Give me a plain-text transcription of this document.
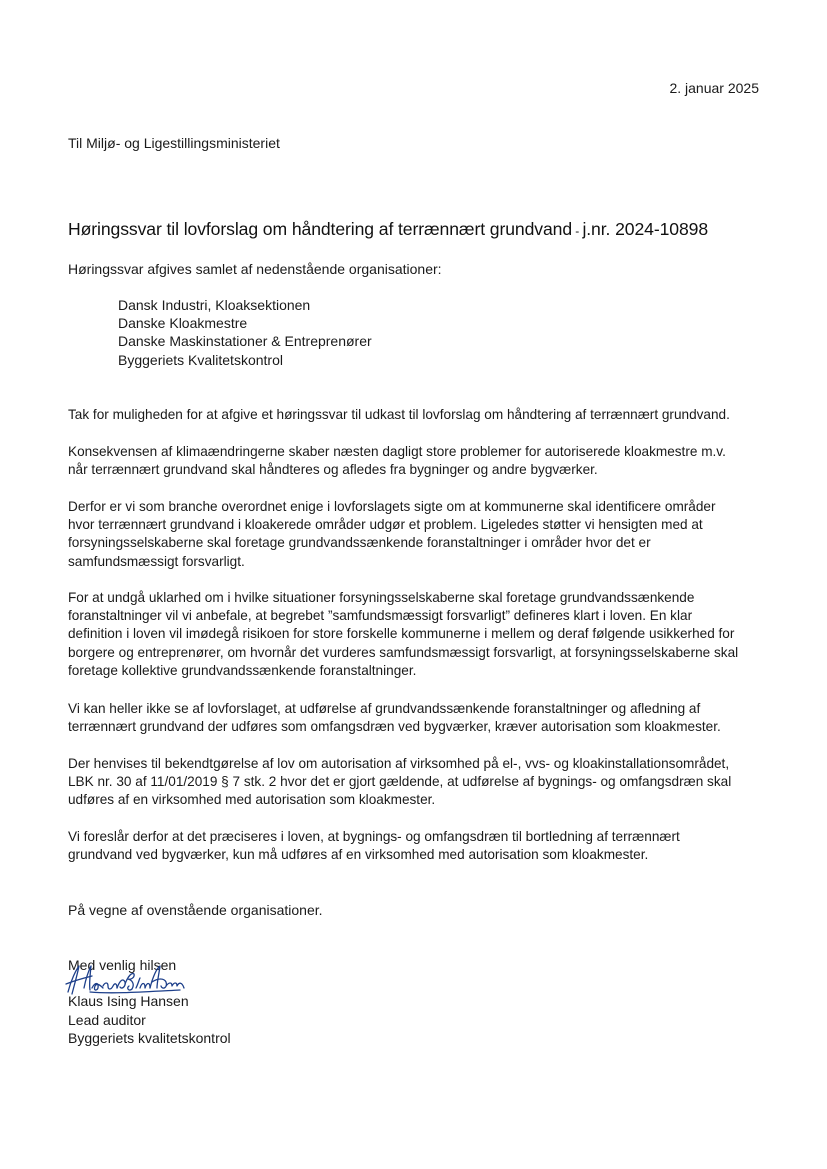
2. januar 2025
Til Miljø- og Ligestillingsministeriet
Høringssvar til lovforslag om håndtering af terrænnært grundvand - j.nr. 2024-10898
Høringssvar afgives samlet af nedenstående organisationer:
Dansk Industri, Kloaksektionen
Danske Kloakmestre
Danske Maskinstationer & Entreprenører
Byggeriets Kvalitetskontrol

Tak for muligheden for at afgive et høringssvar til udkast til lovforslag om håndtering af terrænnært grundvand.

Konsekvensen af klimaændringerne skaber næsten dagligt store problemer for autoriserede kloakmestre m.v.
når terrænnært grundvand skal håndteres og afledes fra bygninger og andre bygværker.

Derfor er vi som branche overordnet enige i lovforslagets sigte om at kommunerne skal identificere områder
hvor terrænnært grundvand i kloakerede områder udgør et problem. Ligeledes støtter vi hensigten med at
forsyningsselskaberne skal foretage grundvandssænkende foranstaltninger i områder hvor det er
samfundsmæssigt forsvarligt.

For at undgå uklarhed om i hvilke situationer forsyningsselskaberne skal foretage grundvandssænkende
foranstaltninger vil vi anbefale, at begrebet ”samfundsmæssigt forsvarligt” defineres klart i loven. En klar
definition i loven vil imødegå risikoen for store forskelle kommunerne i mellem og deraf følgende usikkerhed for
borgere og entreprenører, om hvornår det vurderes samfundsmæssigt forsvarligt, at forsyningsselskaberne skal
foretage kollektive grundvandssænkende foranstaltninger.

Vi kan heller ikke se af lovforslaget, at udførelse af grundvandssænkende foranstaltninger og afledning af
terrænnært grundvand der udføres som omfangsdræn ved bygværker, kræver autorisation som kloakmester.

Der henvises til bekendtgørelse af lov om autorisation af virksomhed på el-, vvs- og kloakinstallationsområdet,
LBK nr. 30 af 11/01/2019 § 7 stk. 2 hvor det er gjort gældende, at udførelse af bygnings- og omfangsdræn skal
udføres af en virksomhed med autorisation som kloakmester.

Vi foreslår derfor at det præciseres i loven, at bygnings- og omfangsdræn til bortledning af terrænnært
grundvand ved bygværker, kun må udføres af en virksomhed med autorisation som kloakmester.

På vegne af ovenstående organisationer.
Med venlig hilsen
Klaus Ising Hansen
Lead auditor
Byggeriets kvalitetskontrol
